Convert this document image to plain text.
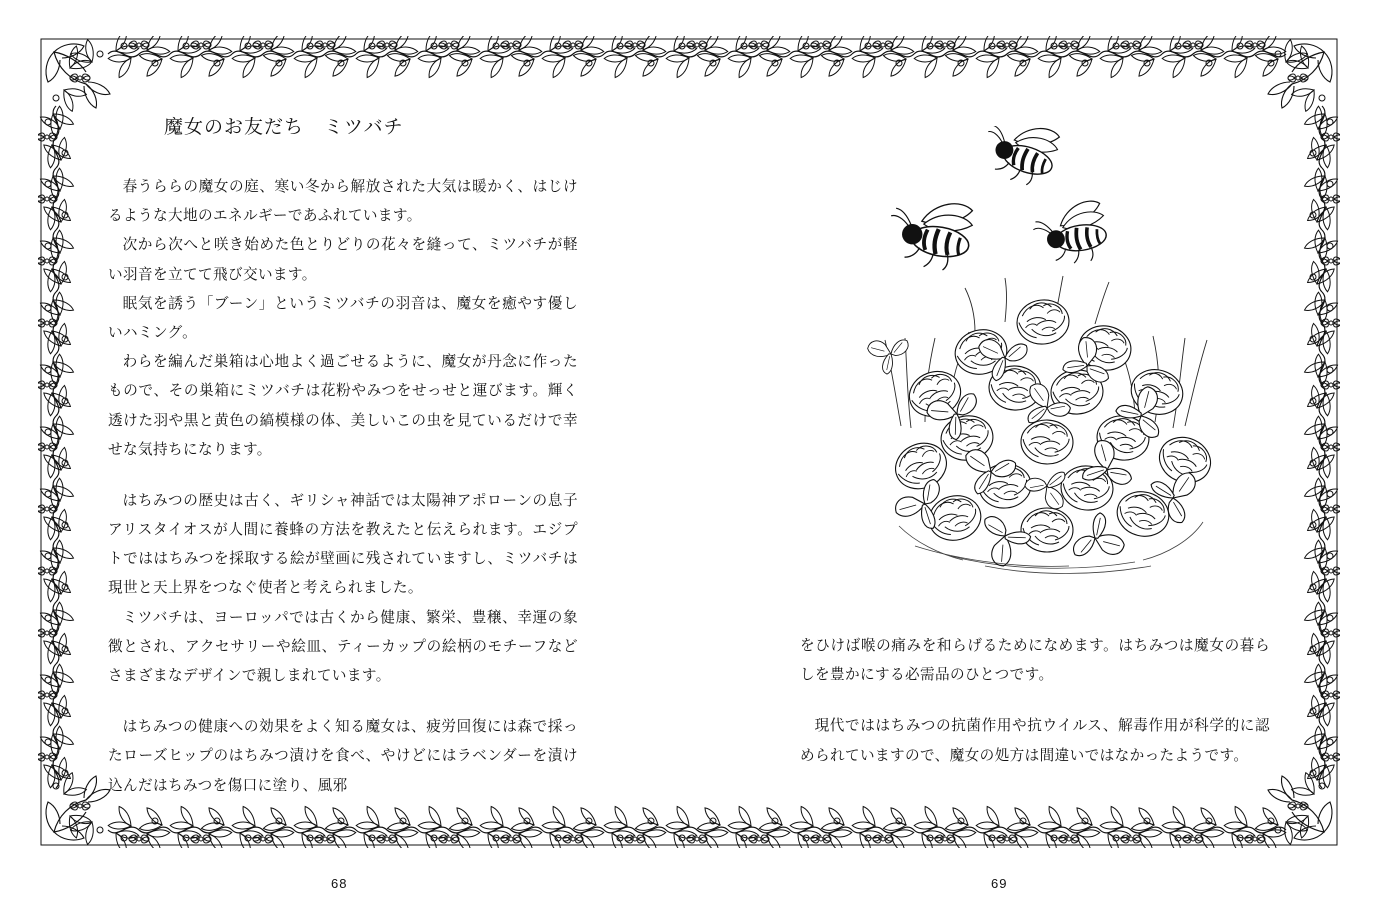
魔女のお友だち　ミツバチ

春うららの魔女の庭、寒い冬から解放された大気は暖かく、はじけるような大地のエネルギーであふれています。

次から次へと咲き始めた色とりどりの花々を縫って、ミツバチが軽い羽音を立てて飛び交います。

眠気を誘う「ブーン」というミツバチの羽音は、魔女を癒やす優しいハミング。

わらを編んだ巣箱は心地よく過ごせるように、魔女が丹念に作ったもので、その巣箱にミツバチは花粉やみつをせっせと運びます。輝く透けた羽や黒と黄色の縞模様の体、美しいこの虫を見ているだけで幸せな気持ちになります。

はちみつの歴史は古く、ギリシャ神話では太陽神アポローンの息子アリスタイオスが人間に養蜂の方法を教えたと伝えられます。エジプトでははちみつを採取する絵が壁画に残されていますし、ミツバチは現世と天上界をつなぐ使者と考えられました。

ミツバチは、ヨーロッパでは古くから健康、繁栄、豊穣、幸運の象徴とされ、アクセサリーや絵皿、ティーカップの絵柄のモチーフなどさまざまなデザインで親しまれています。

はちみつの健康への効果をよく知る魔女は、疲労回復には森で採ったローズヒップのはちみつ漬けを食べ、やけどにはラベンダーを漬け込んだはちみつを傷口に塗り、風邪

をひけば喉の痛みを和らげるためになめます。はちみつは魔女の暮らしを豊かにする必需品のひとつです。

現代でははちみつの抗菌作用や抗ウイルス、解毒作用が科学的に認められていますので、魔女の処方は間違いではなかったようです。

68	69
